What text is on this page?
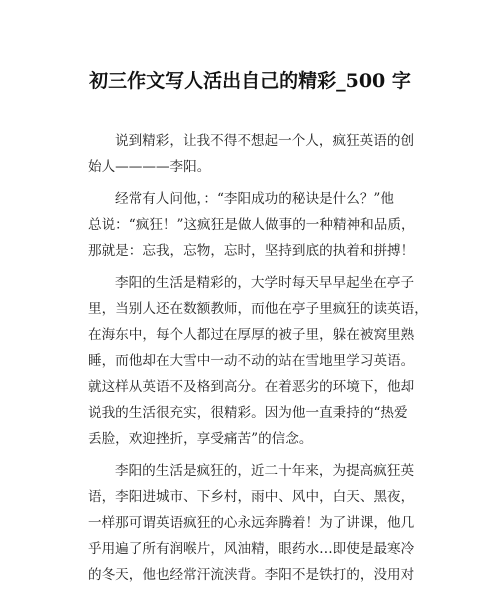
初三作文写人活出自己的精彩_500 字
说到精彩，让我不得不想起一个人，疯狂英语的创
始人————李阳。
经常有人问他，：“李阳成功的秘诀是什么？”他
总说：“疯狂！”这疯狂是做人做事的一种精神和品质，
那就是：忘我，忘物，忘时，坚持到底的执着和拼搏！
李阳的生活是精彩的，大学时每天早早起坐在亭子
里，当别人还在数额教师，而他在亭子里疯狂的读英语，
在海东中，每个人都过在厚厚的被子里，躲在被窝里熟
睡，而他却在大雪中一动不动的站在雪地里学习英语。
就这样从英语不及格到高分。在着恶劣的环境下，他却
说我的生活很充实，很精彩。因为他一直秉持的“热爱
丢脸，欢迎挫折，享受痛苦”的信念。
李阳的生活是疯狂的，近二十年来，为提高疯狂英
语，李阳进城市、下乡村，雨中、风中，白天、黑夜，
一样那可谓英语疯狂的心永远奔腾着！为了讲课，他几
乎用遍了所有润喉片，风油精，眼药水…即使是最寒冷
的冬天，他也经常汗流浃背。李阳不是铁打的，没用对
